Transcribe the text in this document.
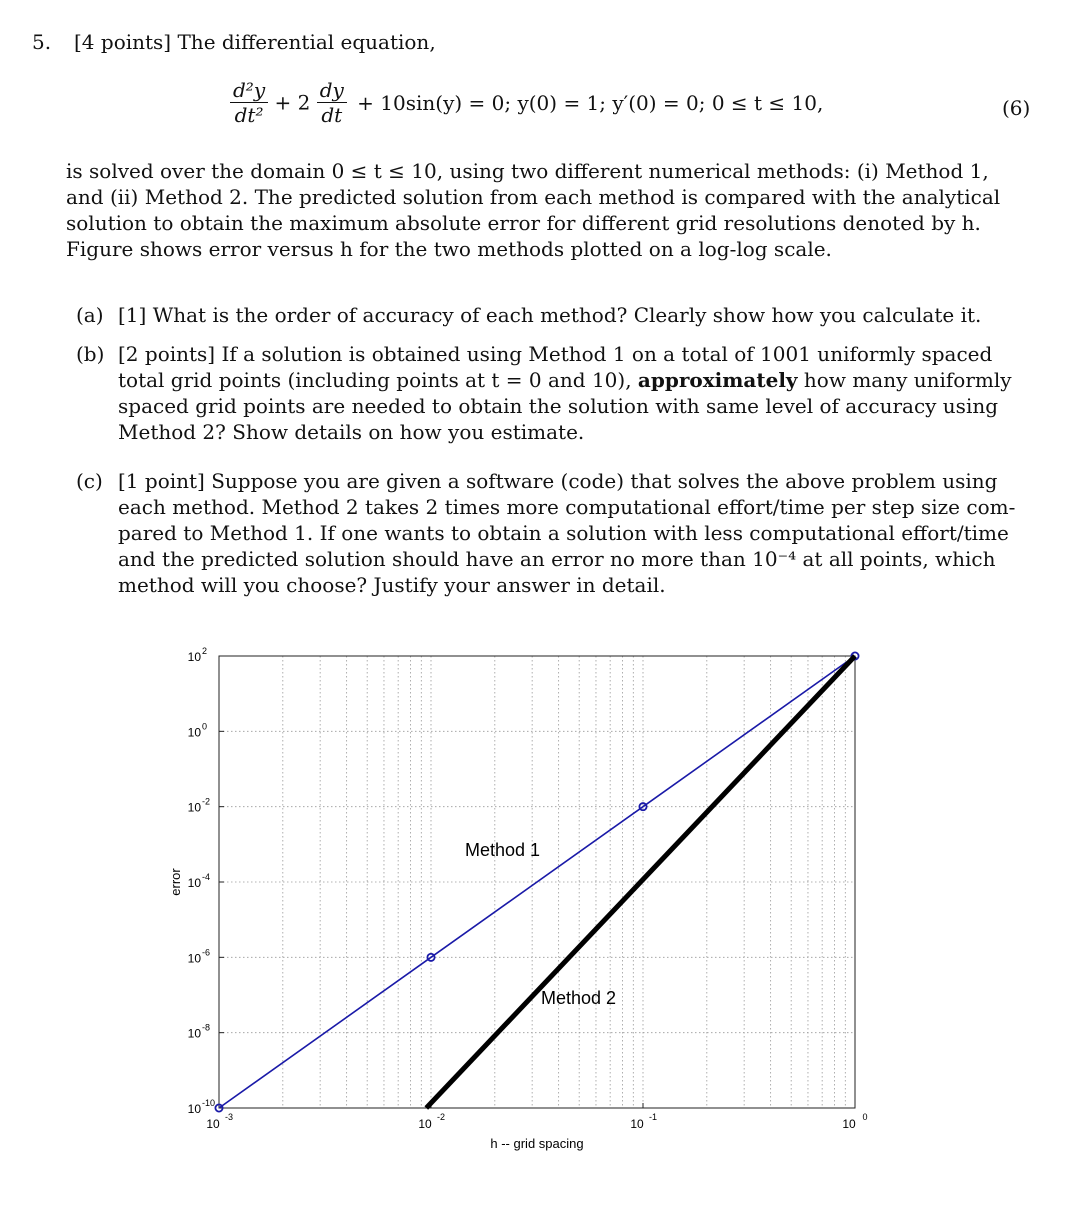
5. [4 points] The differential equation,
$\frac{\text{d²y}}{\text{dt²}} + 2 \frac{dy}{dt} + 10\sin(y) = 0$; y(0) = 1; y′(0) = 0; 0 ≤ t ≤ 10,	(6)
is solved over the domain 0 ≤ t ≤ 10, using two different numerical methods: (i) Method 1,
and (ii) Method 2. The predicted solution from each method is compared with the analytical
solution to obtain the maximum absolute error for different grid resolutions denoted by h.
Figure shows error versus h for the two methods plotted on a log-log scale.
(a) [1] What is the order of accuracy of each method? Clearly show how you calculate it.
(b) [2 points] If a solution is obtained using Method 1 on a total of 1001 uniformly spaced
total grid points (including points at t = 0 and 10), approximately how many uniformly
spaced grid points are needed to obtain the solution with same level of accuracy using
Method 2? Show details on how you estimate.
(c) [1 point] Suppose you are given a software (code) that solves the above problem using
each method. Method 2 takes 2 times more computational effort/time per step size com-
pared to Method 1. If one wants to obtain a solution with less computational effort/time
and the predicted solution should have an error no more than 10⁻⁴ at all points, which
method will you choose? Justify your answer in detail.
10 -3	10 -2	10 -1	10 0
10 -10
10 -8
10 -6
10 -4
10 -2
10 0
10 2
h -- grid spacing
error
Method 1
Method 2
